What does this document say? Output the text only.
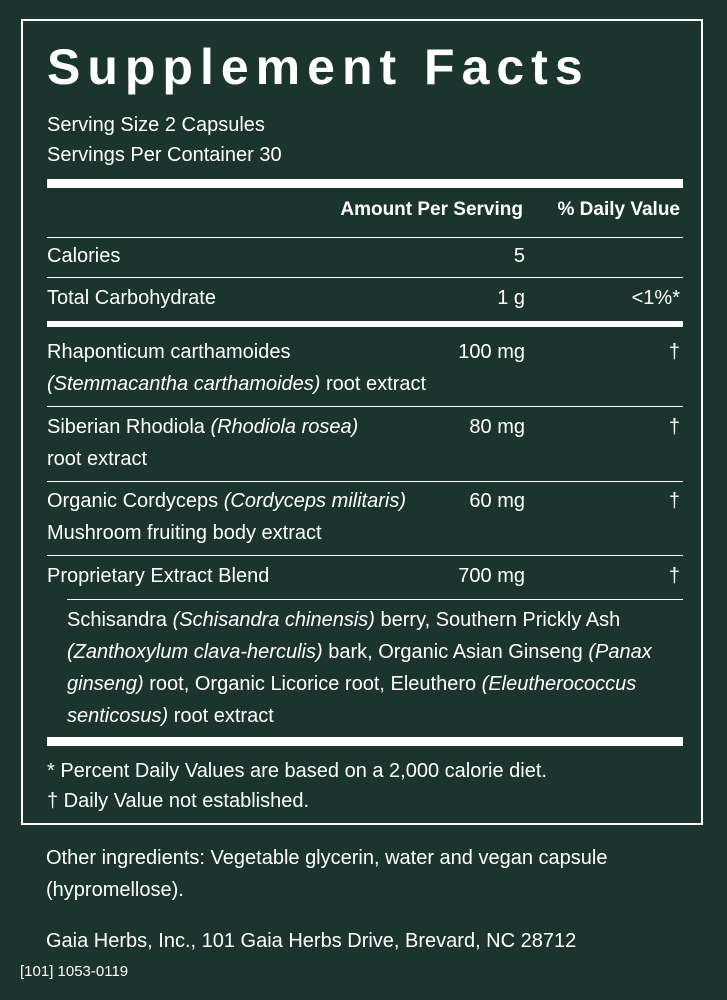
Supplement Facts
Serving Size 2 Capsules
Servings Per Container 30
Amount Per Serving % Daily Value
Calories	5
Total Carbohydrate	1 g	<1%*
Rhaponticum carthamoides
(Stemmacantha carthamoides) root extract
100 mg	†
Siberian Rhodiola (Rhodiola rosea)
root extract
80 mg	†
Organic Cordyceps (Cordyceps militaris)
Mushroom fruiting body extract
60 mg	†
Proprietary Extract Blend	700 mg	†
Schisandra (Schisandra chinensis) berry, Southern Prickly Ash
(Zanthoxylum clava-herculis) bark, Organic Asian Ginseng (Panax
ginseng) root, Organic Licorice root, Eleuthero (Eleutherococcus
senticosus) root extract
* Percent Daily Values are based on a 2,000 calorie diet.
† Daily Value not established.
Other ingredients: Vegetable glycerin, water and vegan capsule (hypromellose).
Gaia Herbs, Inc., 101 Gaia Herbs Drive, Brevard, NC 28712
[101] 1053-0119
